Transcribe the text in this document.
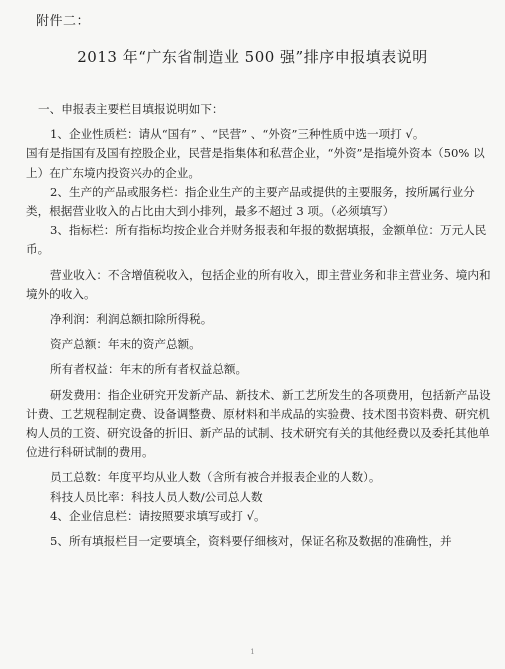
附件二：
2013 年“广东省制造业 500 强”排序申报填表说明

一、申报表主要栏目填报说明如下：

1、企业性质栏：请从“国有” 、“民营” 、“外资”三种性质中选一项打 √。

国有是指国有及国有控股企业，民营是指集体和私营企业，“外资”是指境外资本（50% 以上）在广东境内投资兴办的企业。

2、生产的产品或服务栏：指企业生产的主要产品或提供的主要服务，按所属行业分类，根据营业收入的占比由大到小排列，最多不超过 3 项。（必须填写）

3、指标栏：所有指标均按企业合并财务报表和年报的数据填报，金额单位：万元人民币。

营业收入：不含增值税收入，包括企业的所有收入，即主营业务和非主营业务、境内和境外的收入。

净利润：利润总额扣除所得税。

资产总额：年末的资产总额。

所有者权益：年末的所有者权益总额。

研发费用：指企业研究开发新产品、新技术、新工艺所发生的各项费用，包括新产品设计费、工艺规程制定费、设备调整费、原材料和半成品的实验费、技术图书资料费、研究机构人员的工资、研究设备的折旧、新产品的试制、技术研究有关的其他经费以及委托其他单位进行科研试制的费用。

员工总数：年度平均从业人数（含所有被合并报表企业的人数）。

科技人员比率：科技人员人数/公司总人数

4、企业信息栏：请按照要求填写或打 √。

5、所有填报栏目一定要填全，资料要仔细核对，保证名称及数据的准确性，并

1
